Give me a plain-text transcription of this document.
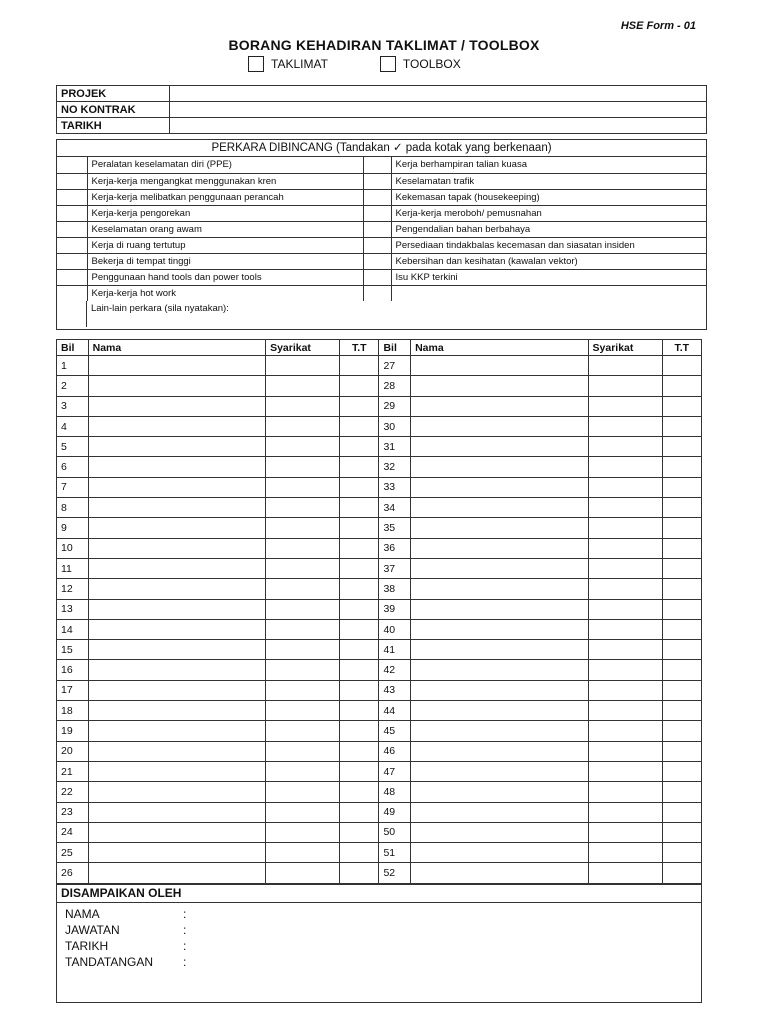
HSE Form - 01
BORANG KEHADIRAN TAKLIMAT / TOOLBOX
TAKLIMAT	TOOLBOX
PROJEK	
NO KONTRAK	
TARIKH	
PERKARA DIBINCANG (Tandakan ✓ pada kotak yang berkenaan)
	Peralatan keselamatan diri (PPE)		Kerja berhampiran talian kuasa
	Kerja-kerja mengangkat menggunakan kren		Keselamatan trafik
	Kerja-kerja melibatkan penggunaan perancah		Kekemasan tapak (housekeeping)
	Kerja-kerja pengorekan		Kerja-kerja meroboh/ pemusnahan
	Keselamatan orang awam		Pengendalian bahan berbahaya
	Kerja di ruang tertutup		Persediaan tindakbalas kecemasan dan siasatan insiden
	Bekerja di tempat tinggi		Kebersihan dan kesihatan (kawalan vektor)
	Penggunaan hand tools dan power tools		Isu KKP terkini
	Kerja-kerja hot work		
Lain-lain perkara (sila nyatakan):
Bil	Nama	Syarikat	T.T	Bil	Nama	Syarikat	T.T
1				27			
2				28			
3				29			
4				30			
5				31			
6				32			
7				33			
8				34			
9				35			
10				36			
11				37			
12				38			
13				39			
14				40			
15				41			
16				42			
17				43			
18				44			
19				45			
20				46			
21				47			
22				48			
23				49			
24				50			
25				51			
26				52			
DISAMPAIKAN OLEH
NAMA	:
JAWATAN	:
TARIKH	:
TANDATANGAN	:
